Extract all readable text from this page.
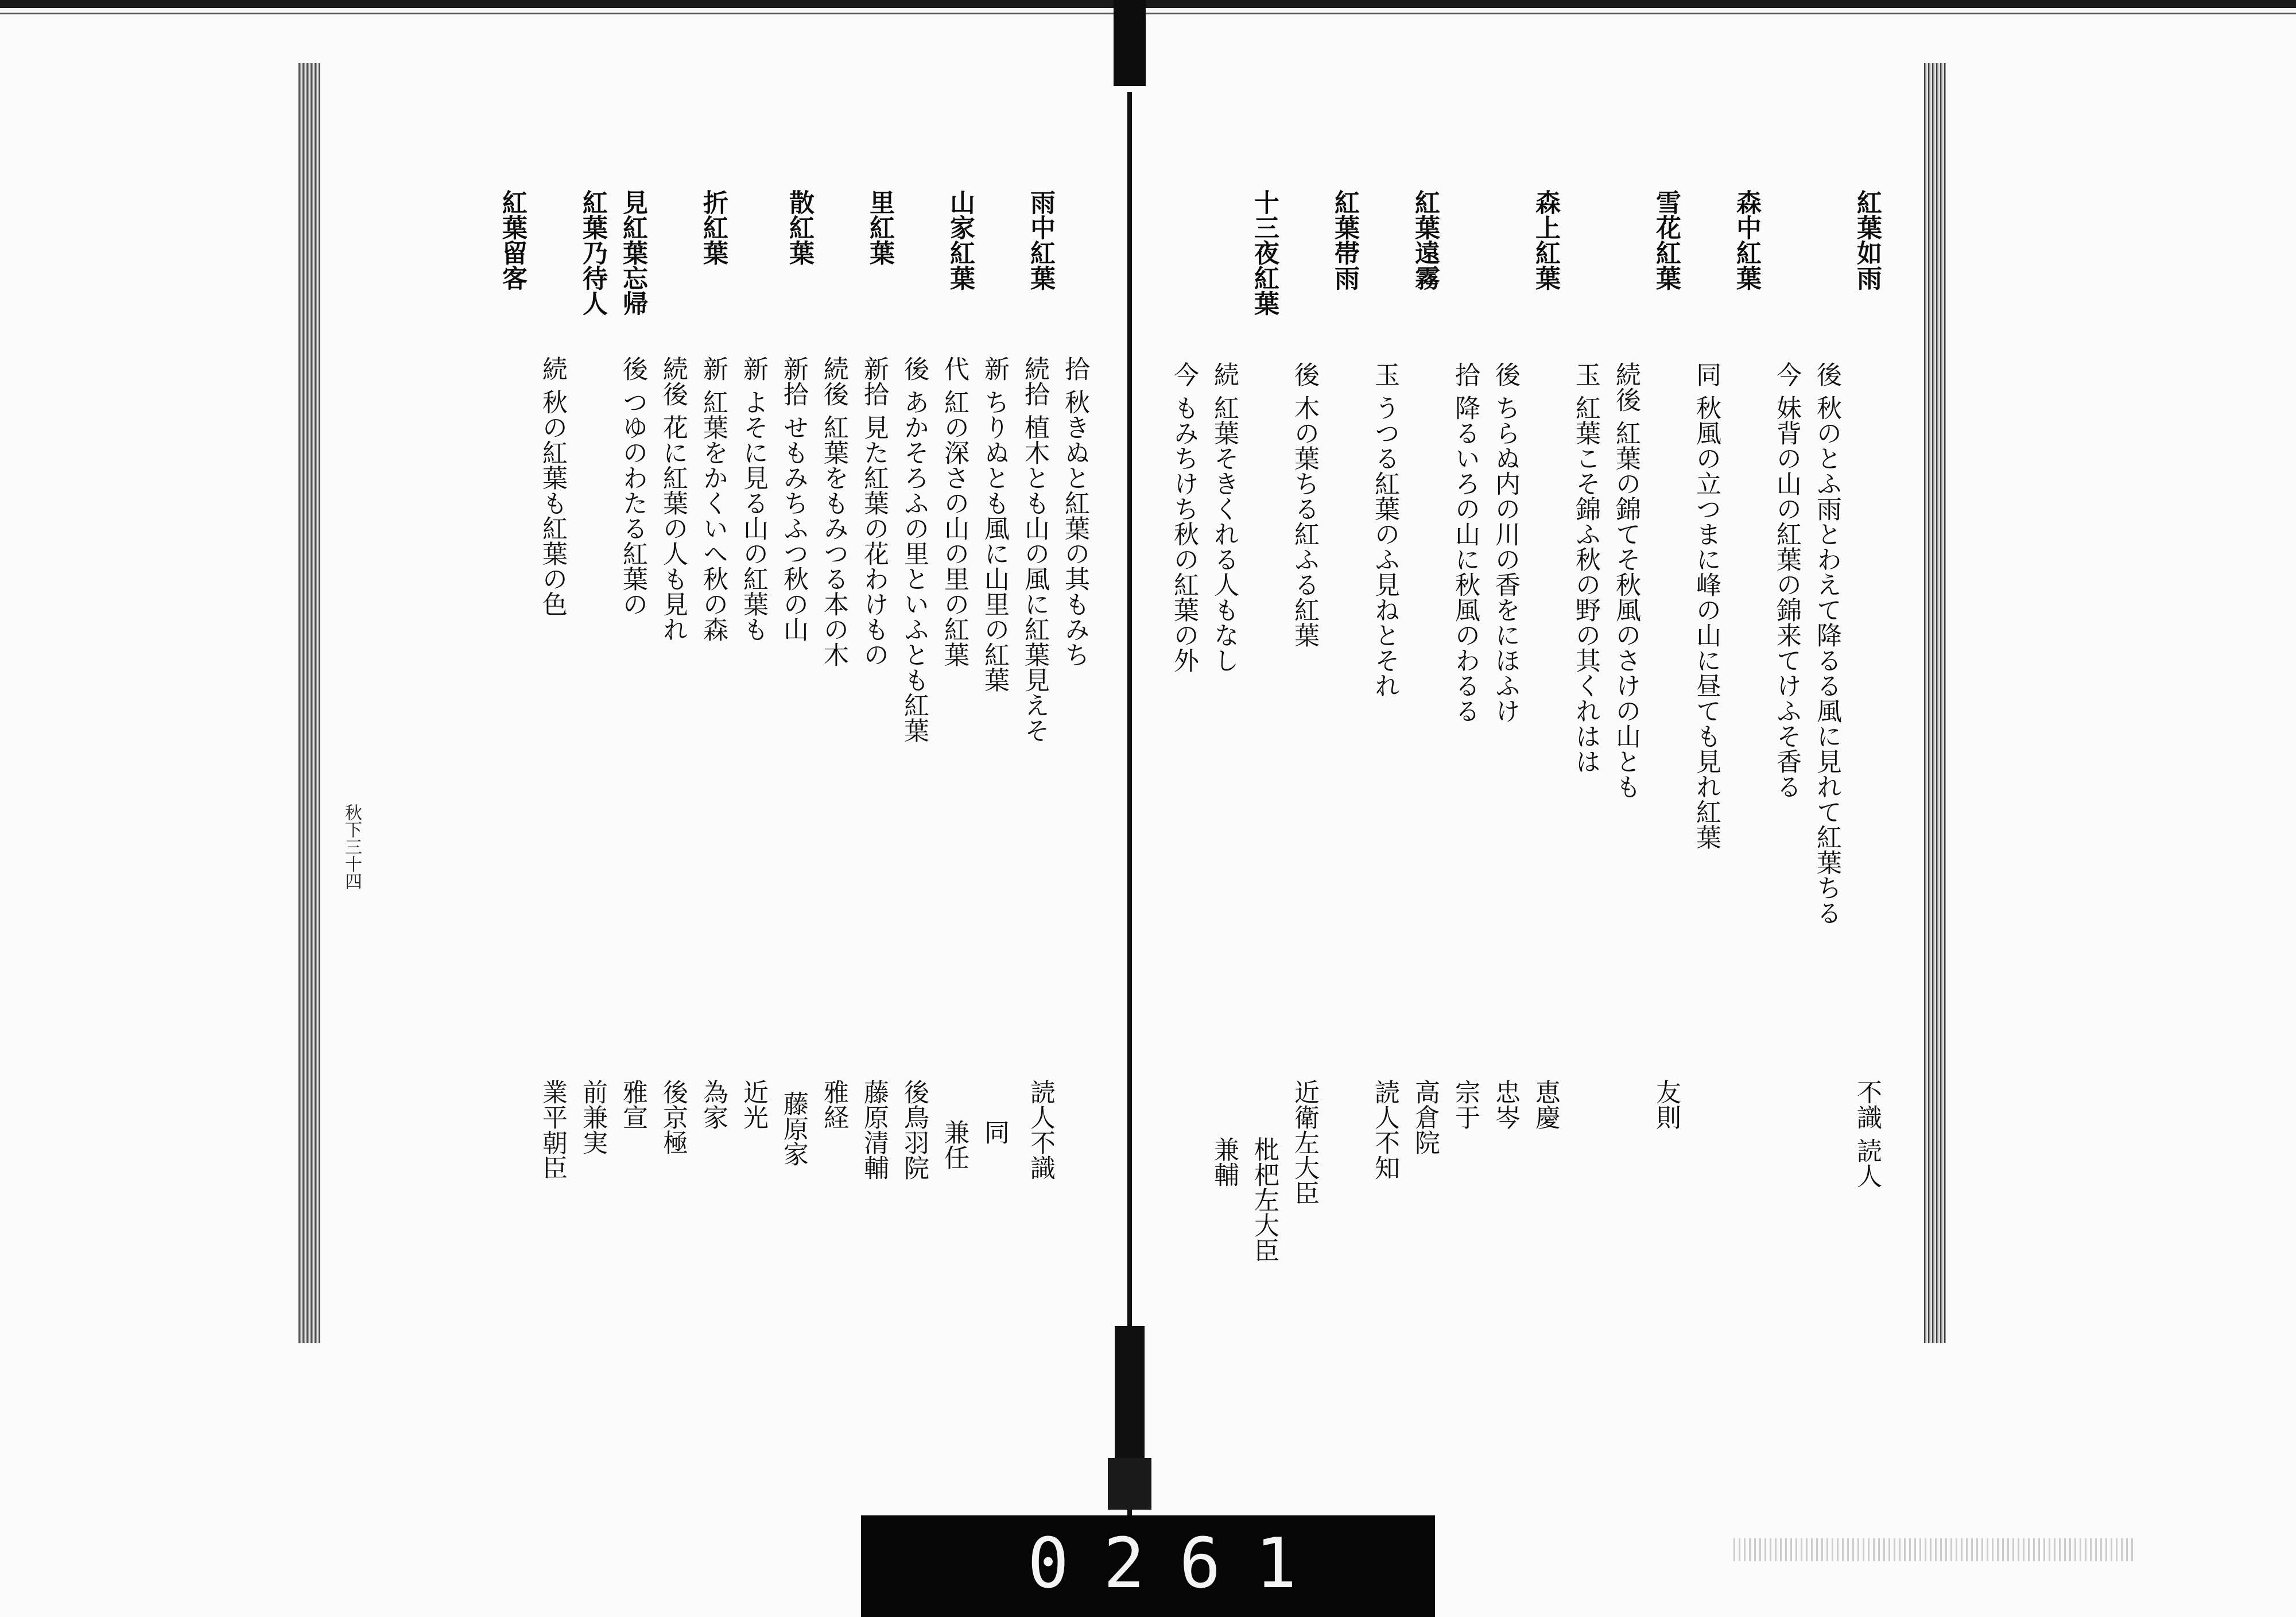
紅葉如雨
後 秋のとふ雨とわえて降るる風に見れて紅葉ちる
今 妹背の山の紅葉の錦来てけふそ香る
森中紅葉
同 秋風の立つまに峰の山に昼ても見れ紅葉
雪花紅葉
続後 紅葉の錦てそ秋風のさけの山とも
玉 紅葉こそ錦ふ秋の野の其くれはは
森上紅葉
後 ちらぬ内の川の香をにほふけ
拾 降るいろの山に秋風のわるる
紅葉遠霧
玉 うつる紅葉のふ見ねとそれ
紅葉帯雨
後 木の葉ちる紅ふる紅葉
十三夜紅葉
続 紅葉そきくれる人もなし
今 もみちけち秋の紅葉の外
不識 読人
友則
恵慶
忠岑
宗于
高倉院
読人不知
近衛左大臣
枇杷左大臣
兼輔
雨中紅葉
拾 秋きぬと紅葉の其もみち
続拾 植木とも山の風に紅葉見えそ
山家紅葉
新 ちりぬとも風に山里の紅葉
代 紅の深さの山の里の紅葉
里紅葉
後 あかそろふの里といふとも紅葉
新拾 見た紅葉の花わけもの
散紅葉
続後 紅葉をもみつる本の木
新拾 せもみちふつ秋の山
折紅葉
新 よそに見る山の紅葉も
新 紅葉をかくいへ秋の森
見紅葉忘帰
紅葉乃待人
続後 花に紅葉の人も見れ
紅葉留客
後 つゆのわたる紅葉の
続 秋の紅葉も紅葉の色
読人不識
同
兼任
後鳥羽院
藤原清輔
雅経
藤原家
近光
為家
後京極
雅宣
前兼実
業平朝臣
秋下三十四
0261
